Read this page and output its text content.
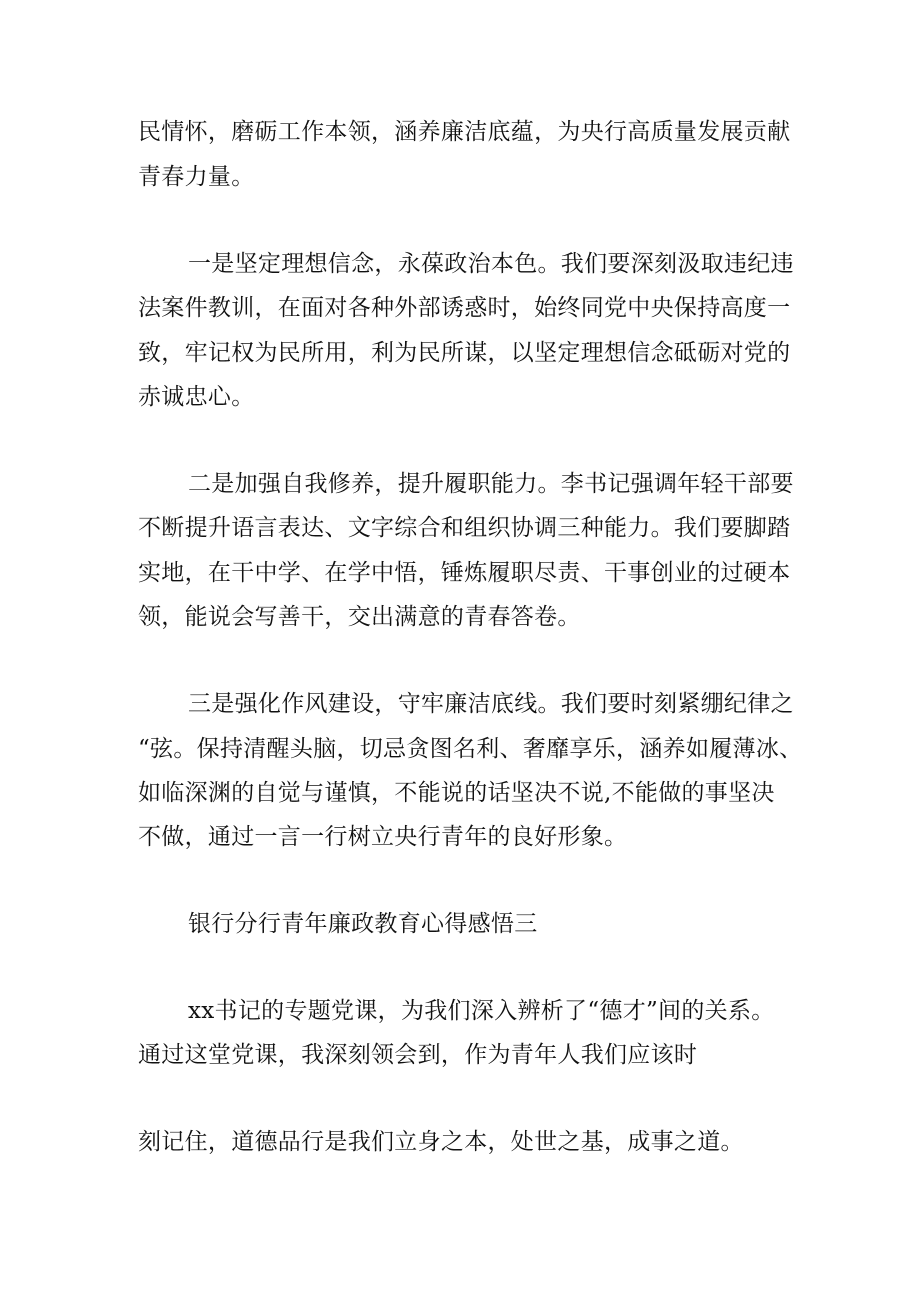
民情怀，磨砺工作本领，涵养廉洁底蕴，为央行高质量发展贡献
青春力量。
一是坚定理想信念，永葆政治本色。我们要深刻汲取违纪违
法案件教训，在面对各种外部诱惑时，始终同党中央保持高度一
致，牢记权为民所用，利为民所谋，以坚定理想信念砥砺对党的
赤诚忠心。
二是加强自我修养，提升履职能力。李书记强调年轻干部要
不断提升语言表达、文字综合和组织协调三种能力。我们要脚踏
实地，在干中学、在学中悟，锤炼履职尽责、干事创业的过硬本
领，能说会写善干，交出满意的青春答卷。
三是强化作风建设，守牢廉洁底线。我们要时刻紧绷纪律之
“弦。保持清醒头脑，切忌贪图名利、奢靡享乐，涵养如履薄冰、
如临深渊的自觉与谨慎，不能说的话坚决不说,不能做的事坚决
不做，通过一言一行树立央行青年的良好形象。
银行分行青年廉政教育心得感悟三
xx书记的专题党课，为我们深入辨析了“德才”间的关系。
通过这堂党课，我深刻领会到，作为青年人我们应该时
刻记住，道德品行是我们立身之本，处世之基，成事之道。
